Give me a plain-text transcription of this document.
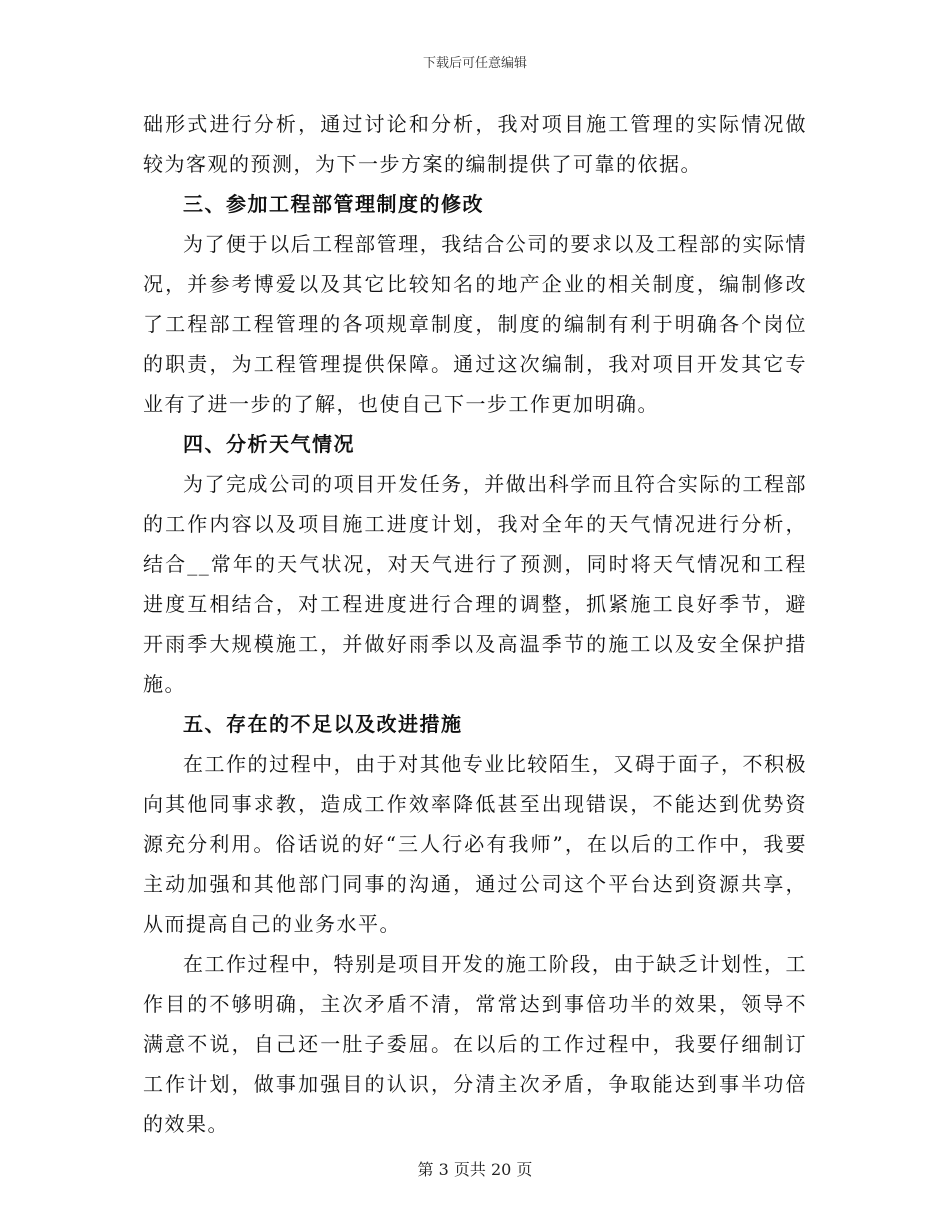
下载后可任意编辑

础形式进行分析，通过讨论和分析，我对项目施工管理的实际情况做较为客观的预测，为下一步方案的编制提供了可靠的依据。

三、参加工程部管理制度的修改

为了便于以后工程部管理，我结合公司的要求以及工程部的实际情况，并参考博爱以及其它比较知名的地产企业的相关制度，编制修改了工程部工程管理的各项规章制度，制度的编制有利于明确各个岗位的职责，为工程管理提供保障。通过这次编制，我对项目开发其它专业有了进一步的了解，也使自己下一步工作更加明确。

四、分析天气情况

为了完成公司的项目开发任务，并做出科学而且符合实际的工程部的工作内容以及项目施工进度计划，我对全年的天气情况进行分析，结合__常年的天气状况，对天气进行了预测，同时将天气情况和工程进度互相结合，对工程进度进行合理的调整，抓紧施工良好季节，避开雨季大规模施工，并做好雨季以及高温季节的施工以及安全保护措施。

五、存在的不足以及改进措施

在工作的过程中，由于对其他专业比较陌生，又碍于面子，不积极向其他同事求教，造成工作效率降低甚至出现错误，不能达到优势资源充分利用。俗话说的好“三人行必有我师”，在以后的工作中，我要主动加强和其他部门同事的沟通，通过公司这个平台达到资源共享，从而提高自己的业务水平。

在工作过程中，特别是项目开发的施工阶段，由于缺乏计划性，工作目的不够明确，主次矛盾不清，常常达到事倍功半的效果，领导不满意不说，自己还一肚子委屈。在以后的工作过程中，我要仔细制订工作计划，做事加强目的认识，分清主次矛盾，争取能达到事半功倍的效果。

第 3 页共 20 页
